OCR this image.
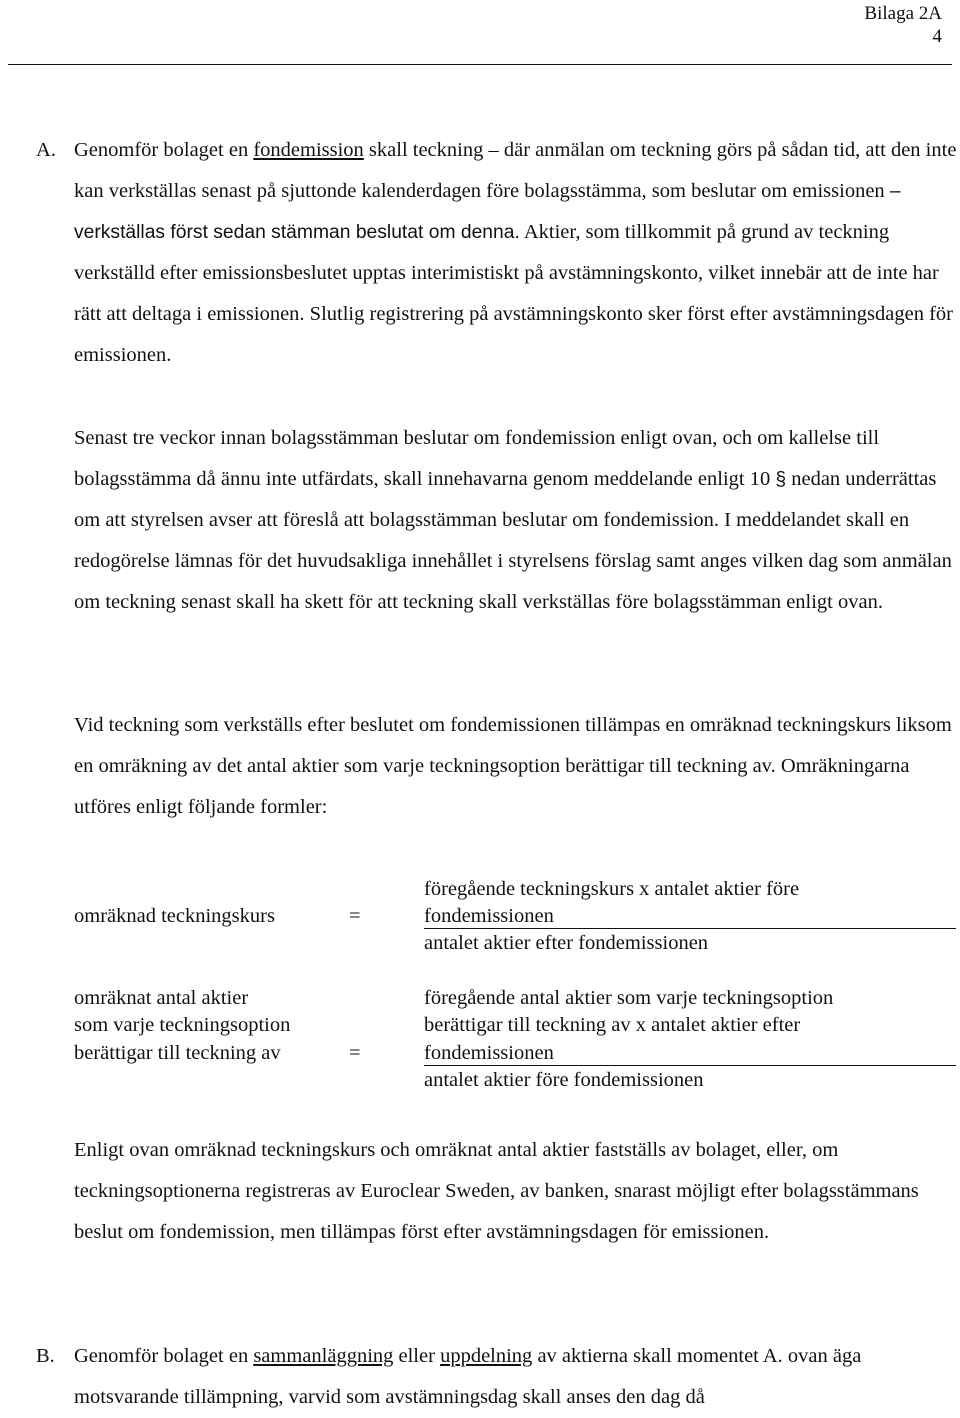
Bilaga 2A
4
A. Genomför bolaget en fondemission skall teckning – där anmälan om teckning görs på sådan tid, att den inte kan verkställas senast på sjuttonde kalenderdagen före bolagsstämma, som beslutar om emissionen – verkställas först sedan stämman beslutat om denna. Aktier, som tillkommit på grund av teckning verkställd efter emissionsbeslutet upptas interimistiskt på avstämningskonto, vilket innebär att de inte har rätt att deltaga i emissionen. Slutlig registrering på avstämningskonto sker först efter avstämningsdagen för emissionen.
Senast tre veckor innan bolagsstämman beslutar om fondemission enligt ovan, och om kallelse till bolagsstämma då ännu inte utfärdats, skall innehavarna genom meddelande enligt 10 § nedan underrättas om att styrelsen avser att föreslå att bolagsstämman beslutar om fondemission. I meddelandet skall en redogörelse lämnas för det huvudsakliga innehållet i styrelsens förslag samt anges vilken dag som anmälan om teckning senast skall ha skett för att teckning skall verkställas före bolagsstämman enligt ovan.
Vid teckning som verkställs efter beslutet om fondemissionen tillämpas en omräknad teckningskurs liksom en omräkning av det antal aktier som varje teckningsoption berättigar till teckning av. Omräkningarna utföres enligt följande formler:
omräknad teckningskurs	=
föregående teckningskurs x antalet aktier före
fondemissionen
antalet aktier efter fondemissionen
omräknat antal aktier
som varje teckningsoption
berättigar till teckning av	=
föregående antal aktier som varje teckningsoption
berättigar till teckning av x antalet aktier efter
fondemissionen
antalet aktier före fondemissionen
Enligt ovan omräknad teckningskurs och omräknat antal aktier fastställs av bolaget, eller, om teckningsoptionerna registreras av Euroclear Sweden, av banken, snarast möjligt efter bolagsstämmans beslut om fondemission, men tillämpas först efter avstämningsdagen för emissionen.
B. Genomför bolaget en sammanläggning eller uppdelning av aktierna skall momentet A. ovan äga motsvarande tillämpning, varvid som avstämningsdag skall anses den dag då
